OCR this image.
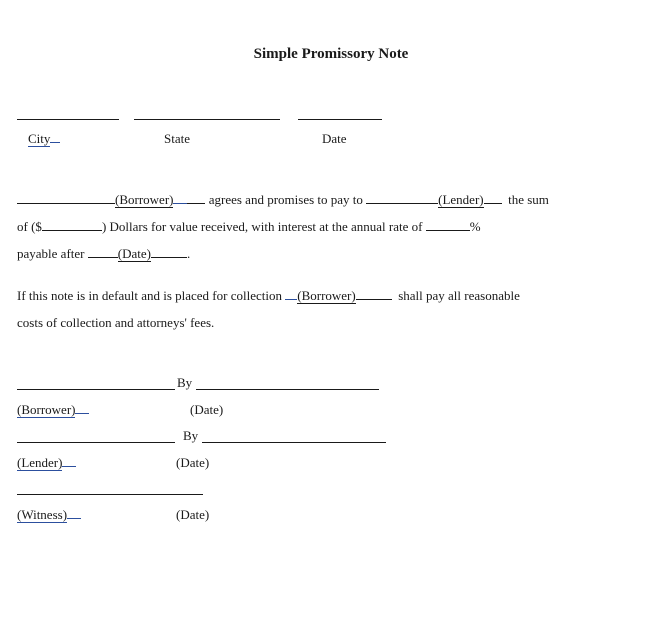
Simple Promissory Note
City	State	Date
(Borrower)	agrees and promises to pay to	(Lender) the sum
of ($	) Dollars for value received, with interest at the annual rate of	%
payable after	(Date)	.
If this note is in default and is placed for collection (Borrower)	shall pay all reasonable
costs of collection and attorneys' fees.
By
(Borrower)	(Date)
By
(Lender)	(Date)
(Witness)	(Date)
